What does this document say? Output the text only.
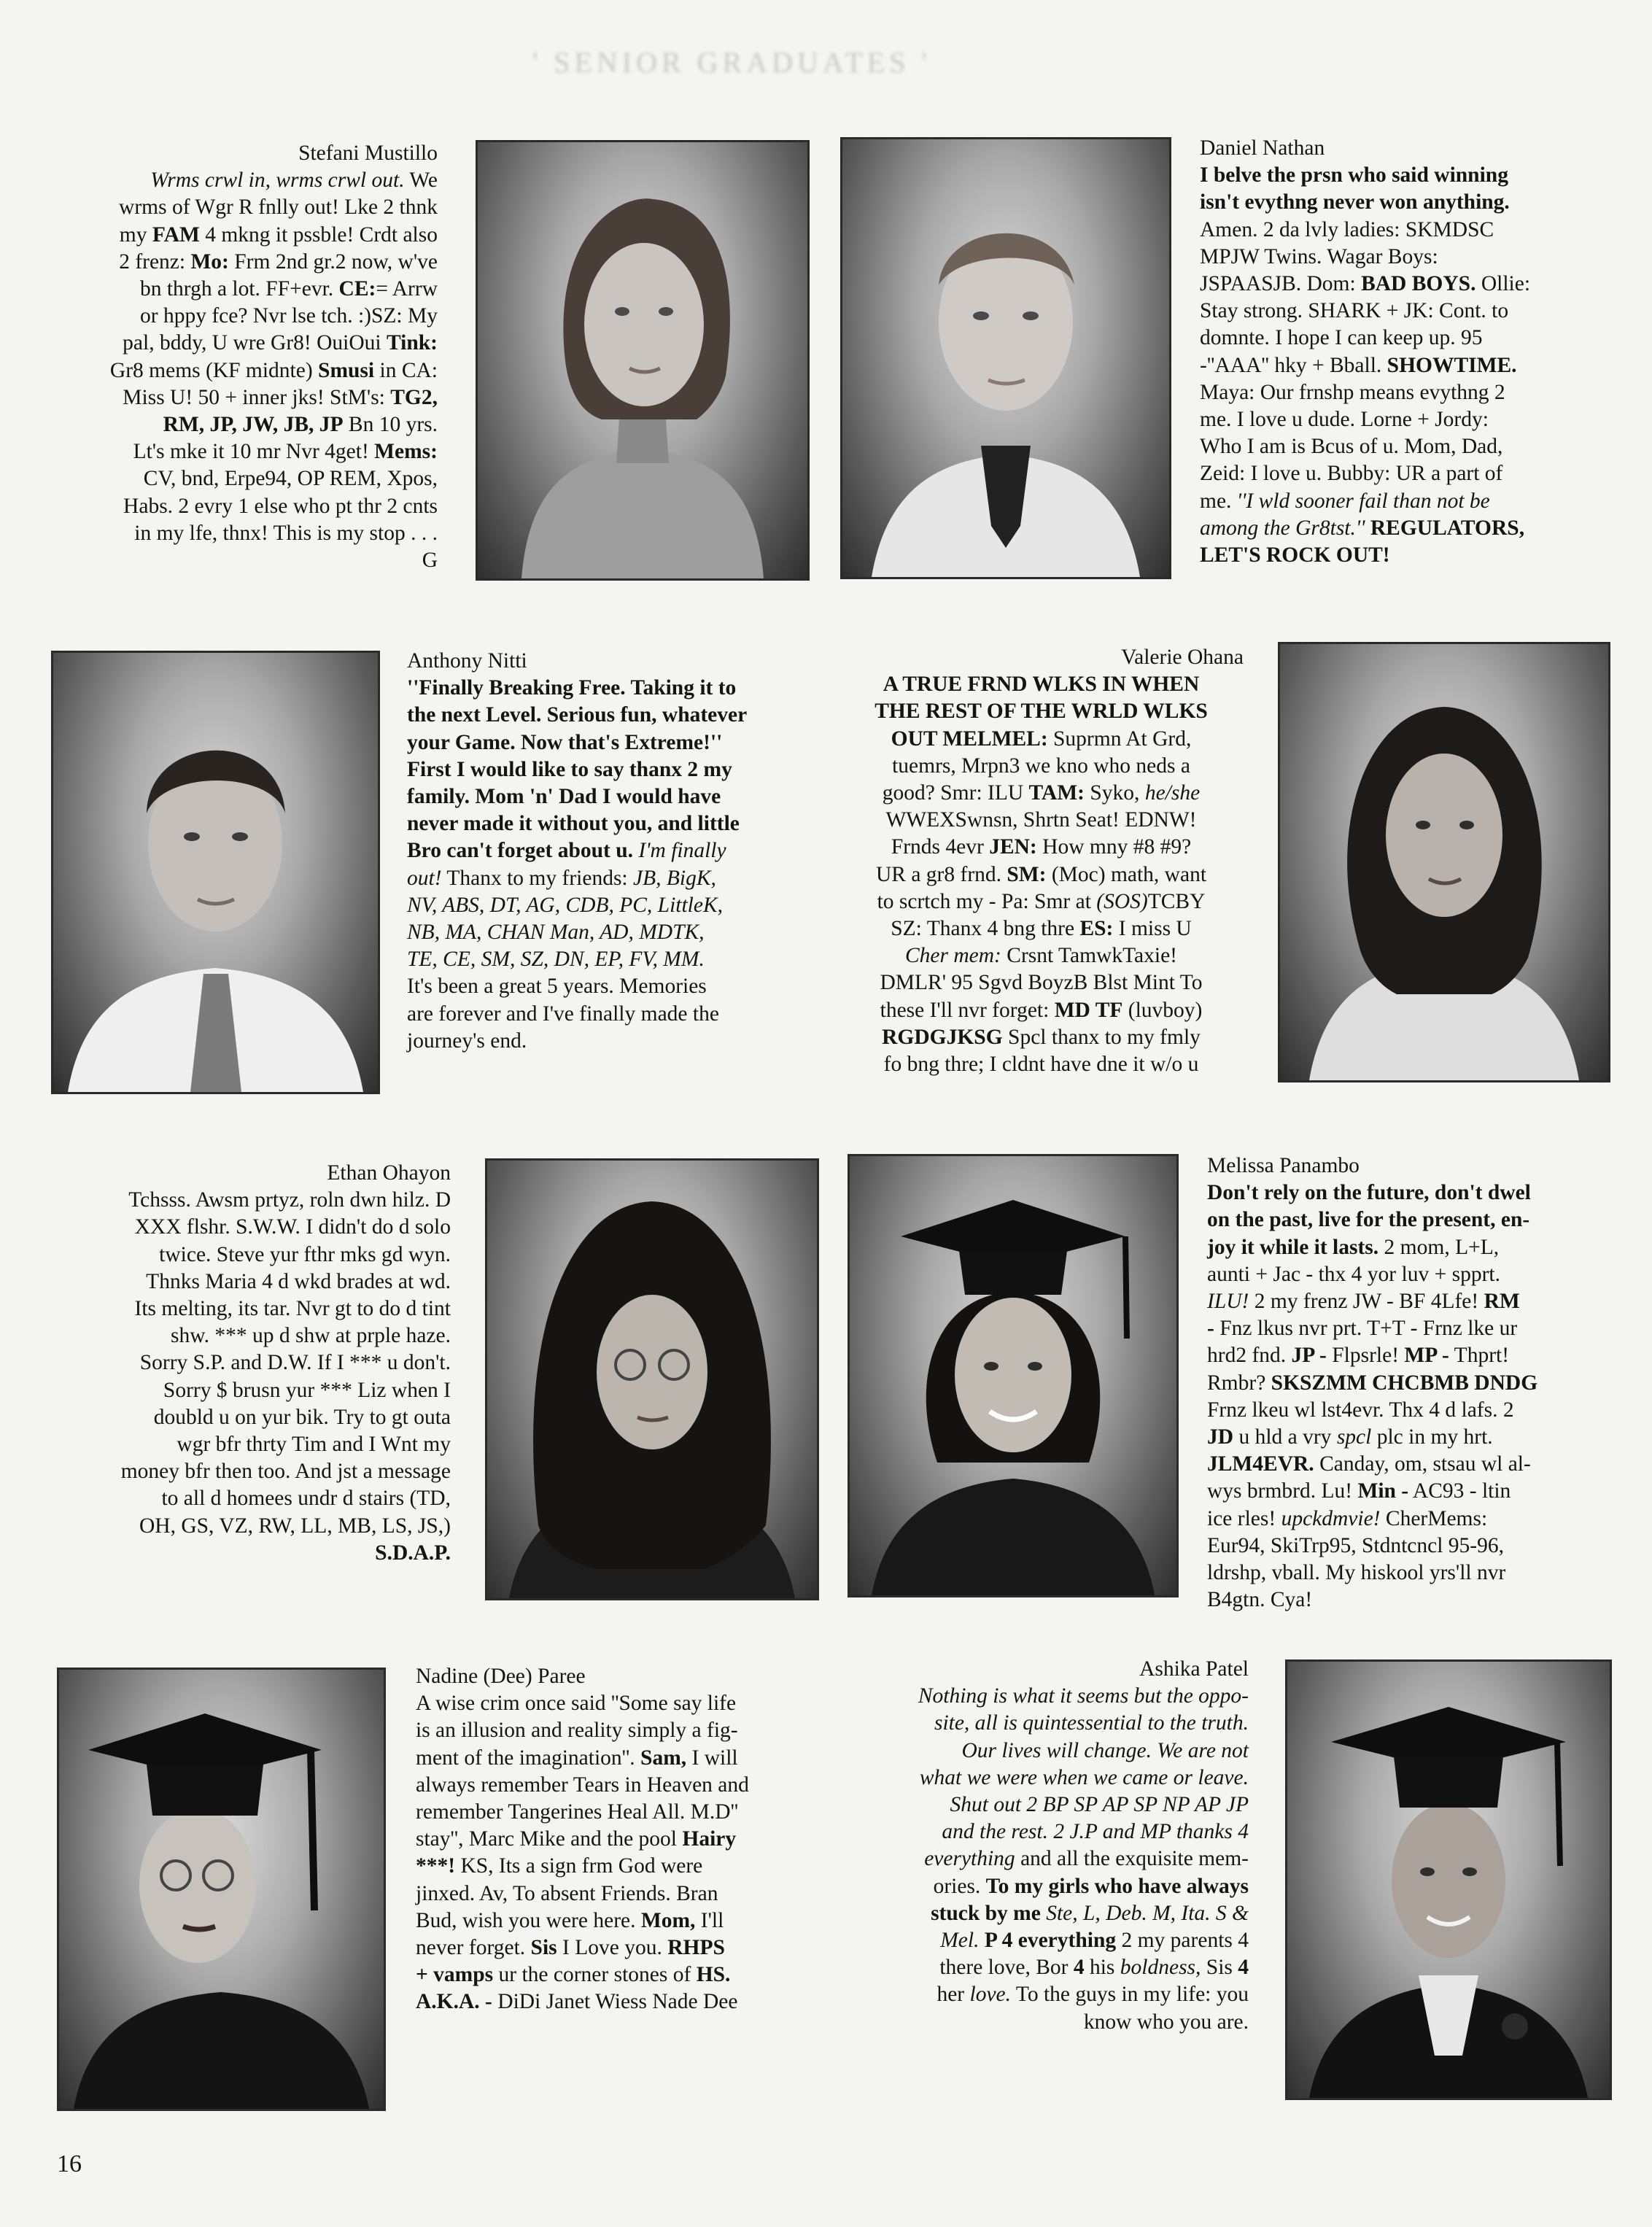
' SENIOR GRADUATES '
Stefani Mustillo

Wrms crwl in, wrms crwl out. We

wrms of Wgr R fnlly out! Lke 2 thnk

my FAM 4 mkng it pssble! Crdt also

2 frenz: Mo: Frm 2nd gr.2 now, w've

bn thrgh a lot. FF+evr. CE:= Arrw

or hppy fce? Nvr lse tch. :)SZ: My

pal, bddy, U wre Gr8! OuiOui Tink:

Gr8 mems (KF midnte) Smusi in CA:

Miss U! 50 + inner jks! StM's: TG2,

RM, JP, JW, JB, JP Bn 10 yrs.

Lt's mke it 10 mr Nvr 4get! Mems:

CV, bnd, Erpe94, OP REM, Xpos,

Habs. 2 evry 1 else who pt thr 2 cnts

in my lfe, thnx! This is my stop . . .

G

Daniel Nathan

I belve the prsn who said winning

isn't evythng never won anything.

Amen. 2 da lvly ladies: SKMDSC

MPJW Twins. Wagar Boys:

JSPAASJB. Dom: BAD BOYS. Ollie:

Stay strong. SHARK + JK: Cont. to

domnte. I hope I can keep up. 95

-''AAA'' hky + Bball. SHOWTIME.

Maya: Our frnshp means evythng 2

me. I love u dude. Lorne + Jordy:

Who I am is Bcus of u. Mom, Dad,

Zeid: I love u. Bubby: UR a part of

me. ''I wld sooner fail than not be

among the Gr8tst.'' REGULATORS,

LET'S ROCK OUT!

Anthony Nitti

''Finally Breaking Free. Taking it to

the next Level. Serious fun, whatever

your Game. Now that's Extreme!''

First I would like to say thanx 2 my

family. Mom 'n' Dad I would have

never made it without you, and little

Bro can't forget about u. I'm finally

out! Thanx to my friends: JB, BigK,

NV, ABS, DT, AG, CDB, PC, LittleK,

NB, MA, CHAN Man, AD, MDTK,

TE, CE, SM, SZ, DN, EP, FV, MM.

It's been a great 5 years. Memories

are forever and I've finally made the

journey's end.

Valerie Ohana

A TRUE FRND WLKS IN WHEN

THE REST OF THE WRLD WLKS

OUT MELMEL: Suprmn At Grd,

tuemrs, Mrpn3 we kno who neds a

good? Smr: ILU TAM: Syko, he/she

WWEXSwnsn, Shrtn Seat! EDNW!

Frnds 4evr JEN: How mny #8 #9?

UR a gr8 frnd. SM: (Moc) math, want

to scrtch my - Pa: Smr at (SOS)TCBY

SZ: Thanx 4 bng thre ES: I miss U

Cher mem: Crsnt TamwkTaxie!

DMLR' 95 Sgvd BoyzB Blst Mint To

these I'll nvr forget: MD TF (luvboy)

RGDGJKSG Spcl thanx to my fmly

fo bng thre; I cldnt have dne it w/o u

Ethan Ohayon

Tchsss. Awsm prtyz, roln dwn hilz. D

XXX flshr. S.W.W. I didn't do d solo

twice. Steve yur fthr mks gd wyn.

Thnks Maria 4 d wkd brades at wd.

Its melting, its tar. Nvr gt to do d tint

shw. *** up d shw at prple haze.

Sorry S.P. and D.W. If I *** u don't.

Sorry $ brusn yur *** Liz when I

doubld u on yur bik. Try to gt outa

wgr bfr thrty Tim and I Wnt my

money bfr then too. And jst a message

to all d homees undr d stairs (TD,

OH, GS, VZ, RW, LL, MB, LS, JS,)

S.D.A.P.

Melissa Panambo

Don't rely on the future, don't dwel

on the past, live for the present, en-

joy it while it lasts. 2 mom, L+L,

aunti + Jac - thx 4 yor luv + spprt.

ILU! 2 my frenz JW - BF 4Lfe! RM

- Fnz lkus nvr prt. T+T - Frnz lke ur

hrd2 fnd. JP - Flpsrle! MP - Thprt!

Rmbr? SKSZMM CHCBMB DNDG

Frnz lkeu wl lst4evr. Thx 4 d lafs. 2

JD u hld a vry spcl plc in my hrt.

JLM4EVR. Canday, om, stsau wl al-

wys brmbrd. Lu! Min - AC93 - ltin

ice rles! upckdmvie! CherMems:

Eur94, SkiTrp95, Stdntcncl 95-96,

ldrshp, vball. My hiskool yrs'll nvr

B4gtn. Cya!

Nadine (Dee) Paree

A wise crim once said ''Some say life

is an illusion and reality simply a fig-

ment of the imagination''. Sam, I will

always remember Tears in Heaven and

remember Tangerines Heal All. M.D''

stay'', Marc Mike and the pool Hairy

***! KS, Its a sign frm God were

jinxed. Av, To absent Friends. Bran

Bud, wish you were here. Mom, I'll

never forget. Sis I Love you. RHPS

+ vamps ur the corner stones of HS.

A.K.A. - DiDi Janet Wiess Nade Dee

Ashika Patel

Nothing is what it seems but the oppo-

site, all is quintessential to the truth.

Our lives will change. We are not

what we were when we came or leave.

Shut out 2 BP SP AP SP NP AP JP

and the rest. 2 J.P and MP thanks 4

everything and all the exquisite mem-

ories. To my girls who have always

stuck by me Ste, L, Deb. M, Ita. S &

Mel. P 4 everything 2 my parents 4

there love, Bor 4 his boldness, Sis 4

her love. To the guys in my life: you

know who you are.

16
